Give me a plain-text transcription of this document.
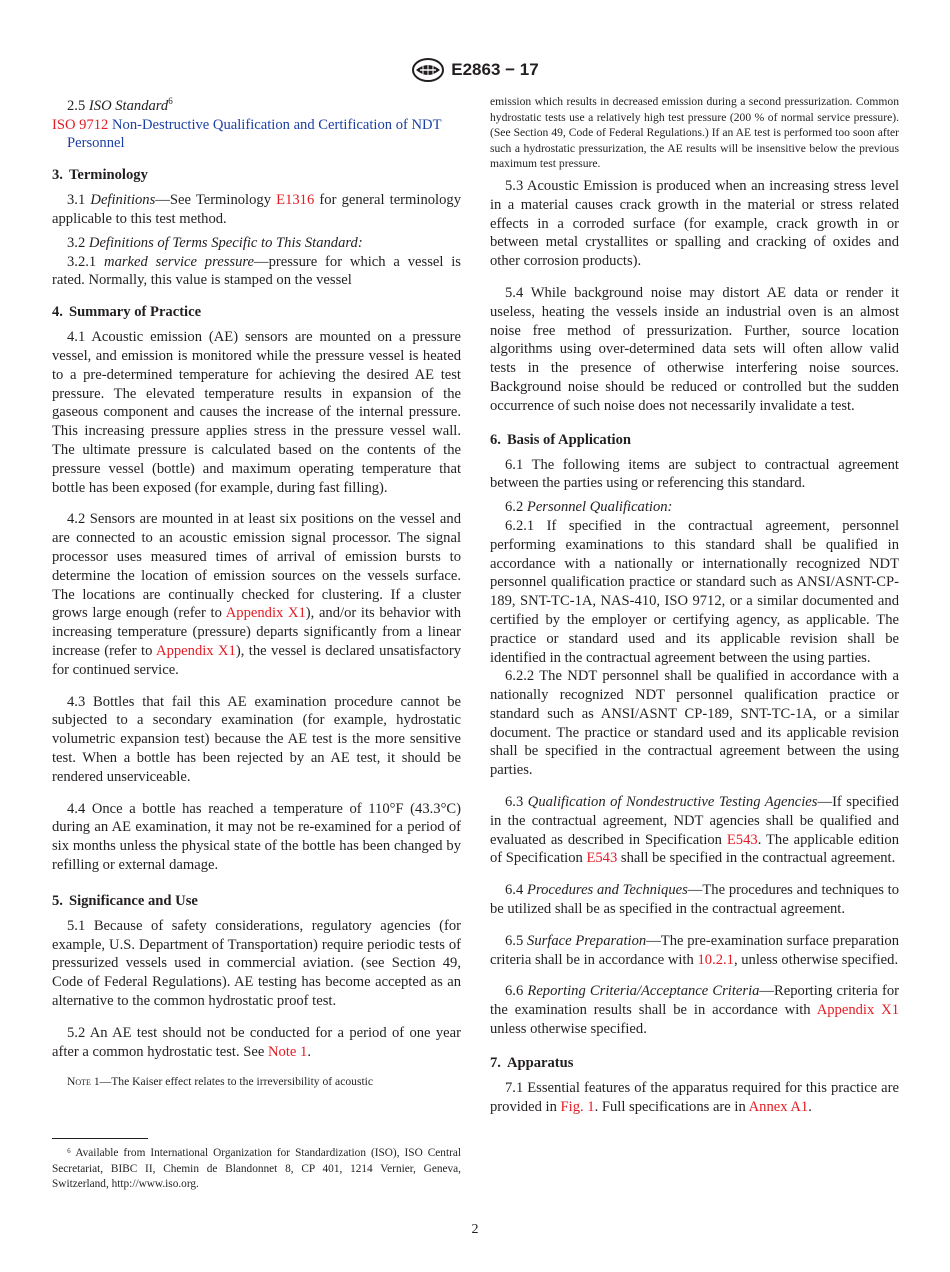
E2863 − 17

2.5 ISO Standard$^6$

ISO 9712 Non-Destructive Qualification and Certification of NDT Personnel

3. Terminology

3.1 Definitions—See Terminology E1316 for general terminology applicable to this test method.

3.2 Definitions of Terms Specific to This Standard:

3.2.1 marked service pressure—pressure for which a vessel is rated. Normally, this value is stamped on the vessel

4. Summary of Practice

4.1 Acoustic emission (AE) sensors are mounted on a pressure vessel, and emission is monitored while the pressure vessel is heated to a pre-determined temperature for achieving the desired AE test pressure. The elevated temperature results in expansion of the gaseous component and causes the increase of the internal pressure. This increasing pressure applies stress in the pressure vessel wall. The ultimate pressure is calculated based on the contents of the pressure vessel (bottle) and maximum operating temperature that bottle has been exposed (for example, during fast filling).

4.2 Sensors are mounted in at least six positions on the vessel and are connected to an acoustic emission signal processor. The signal processor uses measured times of arrival of emission bursts to determine the location of emission sources on the vessels surface. The locations are continually checked for clustering. If a cluster grows large enough (refer to Appendix X1), and/or its behavior with increasing temperature (pressure) departs significantly from a linear increase (refer to Appendix X1), the vessel is declared unsatisfactory for continued service.

4.3 Bottles that fail this AE examination procedure cannot be subjected to a secondary examination (for example, hydrostatic volumetric expansion test) because the AE test is the more sensitive test. When a bottle has been rejected by an AE test, it should be rendered unserviceable.

4.4 Once a bottle has reached a temperature of 110°F (43.3°C) during an AE examination, it may not be re-examined for a period of six months unless the physical state of the bottle has been changed by refilling or external damage.

5. Significance and Use

5.1 Because of safety considerations, regulatory agencies (for example, U.S. Department of Transportation) require periodic tests of pressurized vessels used in commercial aviation. (see Section 49, Code of Federal Regulations). AE testing has become accepted as an alternative to the common hydrostatic proof test.

5.2 An AE test should not be conducted for a period of one year after a common hydrostatic test. See Note 1.

Note 1—The Kaiser effect relates to the irreversibility of acoustic

⁶ Available from International Organization for Standardization (ISO), ISO Central Secretariat, BIBC II, Chemin de Blandonnet 8, CP 401, 1214 Vernier, Geneva, Switzerland, http://www.iso.org.

emission which results in decreased emission during a second pressurization. Common hydrostatic tests use a relatively high test pressure (200 % of normal service pressure). (See Section 49, Code of Federal Regulations.) If an AE test is performed too soon after such a hydrostatic pressurization, the AE results will be insensitive below the previous maximum test pressure.

5.3 Acoustic Emission is produced when an increasing stress level in a material causes crack growth in the material or stress related effects in a corroded surface (for example, crack growth in or between metal crystallites or spalling and cracking of oxides and other corrosion products).

5.4 While background noise may distort AE data or render it useless, heating the vessels inside an industrial oven is an almost noise free method of pressurization. Further, source location algorithms using over-determined data sets will often allow valid tests in the presence of otherwise interfering noise sources. Background noise should be reduced or controlled but the sudden occurrence of such noise does not necessarily invalidate a test.

6. Basis of Application

6.1 The following items are subject to contractual agreement between the parties using or referencing this standard.

6.2 Personnel Qualification:

6.2.1 If specified in the contractual agreement, personnel performing examinations to this standard shall be qualified in accordance with a nationally or internationally recognized NDT personnel qualification practice or standard such as ANSI/ASNT-CP-189, SNT-TC-1A, NAS-410, ISO 9712, or a similar documented and certified by the employer or certifying agency, as applicable. The practice or standard used and its applicable revision shall be identified in the contractual agreement between the using parties.

6.2.2 The NDT personnel shall be qualified in accordance with a nationally recognized NDT personnel qualification practice or standard such as ANSI/ASNT CP-189, SNT-TC-1A, or a similar document. The practice or standard used and its applicable revision shall be specified in the contractual agreement between the using parties.

6.3 Qualification of Nondestructive Testing Agencies—If specified in the contractual agreement, NDT agencies shall be qualified and evaluated as described in Specification E543. The applicable edition of Specification E543 shall be specified in the contractual agreement.

6.4 Procedures and Techniques—The procedures and techniques to be utilized shall be as specified in the contractual agreement.

6.5 Surface Preparation—The pre-examination surface preparation criteria shall be in accordance with 10.2.1, unless otherwise specified.

6.6 Reporting Criteria/Acceptance Criteria—Reporting criteria for the examination results shall be in accordance with Appendix X1 unless otherwise specified.

7. Apparatus

7.1 Essential features of the apparatus required for this practice are provided in Fig. 1. Full specifications are in Annex A1.

2
